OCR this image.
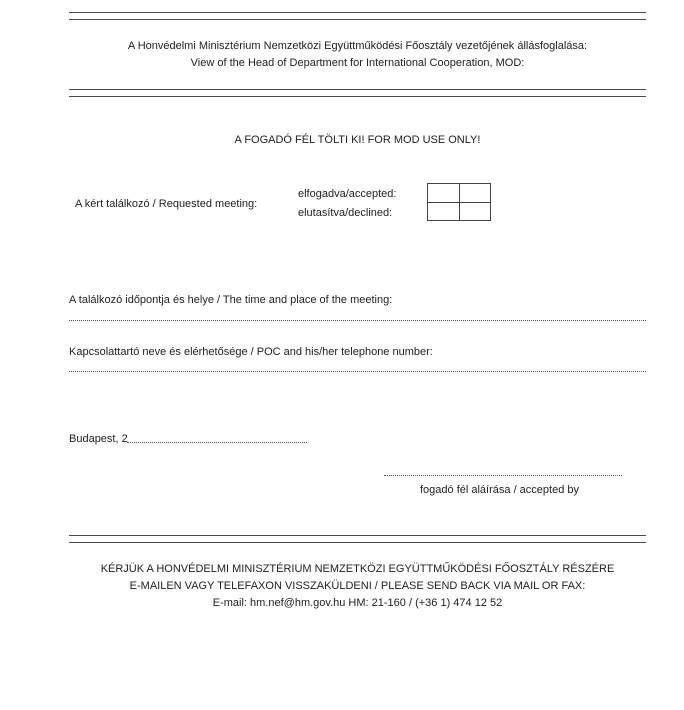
A Honvédelmi Minisztérium Nemzetközi Együttműködési Főosztály vezetőjének állásfoglalása:
View of the Head of Department for International Cooperation, MOD:
A FOGADÓ FÉL TÖLTI KI! FOR MOD USE ONLY!
A kért találkozó / Requested meeting:
elfogadva/accepted:
elutasítva/declined:
A találkozó időpontja és helye / The time and place of the meeting:
Kapcsolattartó neve és elérhetősége / POC and his/her telephone number:
Budapest, 2
fogadó fél aláírása / accepted by
KÉRJÜK A HONVÉDELMI MINISZTÉRIUM NEMZETKÖZI EGYÜTTMŰKÖDÉSI FŐOSZTÁLY RÉSZÉRE
E-MAILEN VAGY TELEFAXON VISSZAKÜLDENI / PLEASE SEND BACK VIA MAIL OR FAX:
E-mail: hm.nef@hm.gov.hu HM: 21-160 / (+36 1) 474 12 52
